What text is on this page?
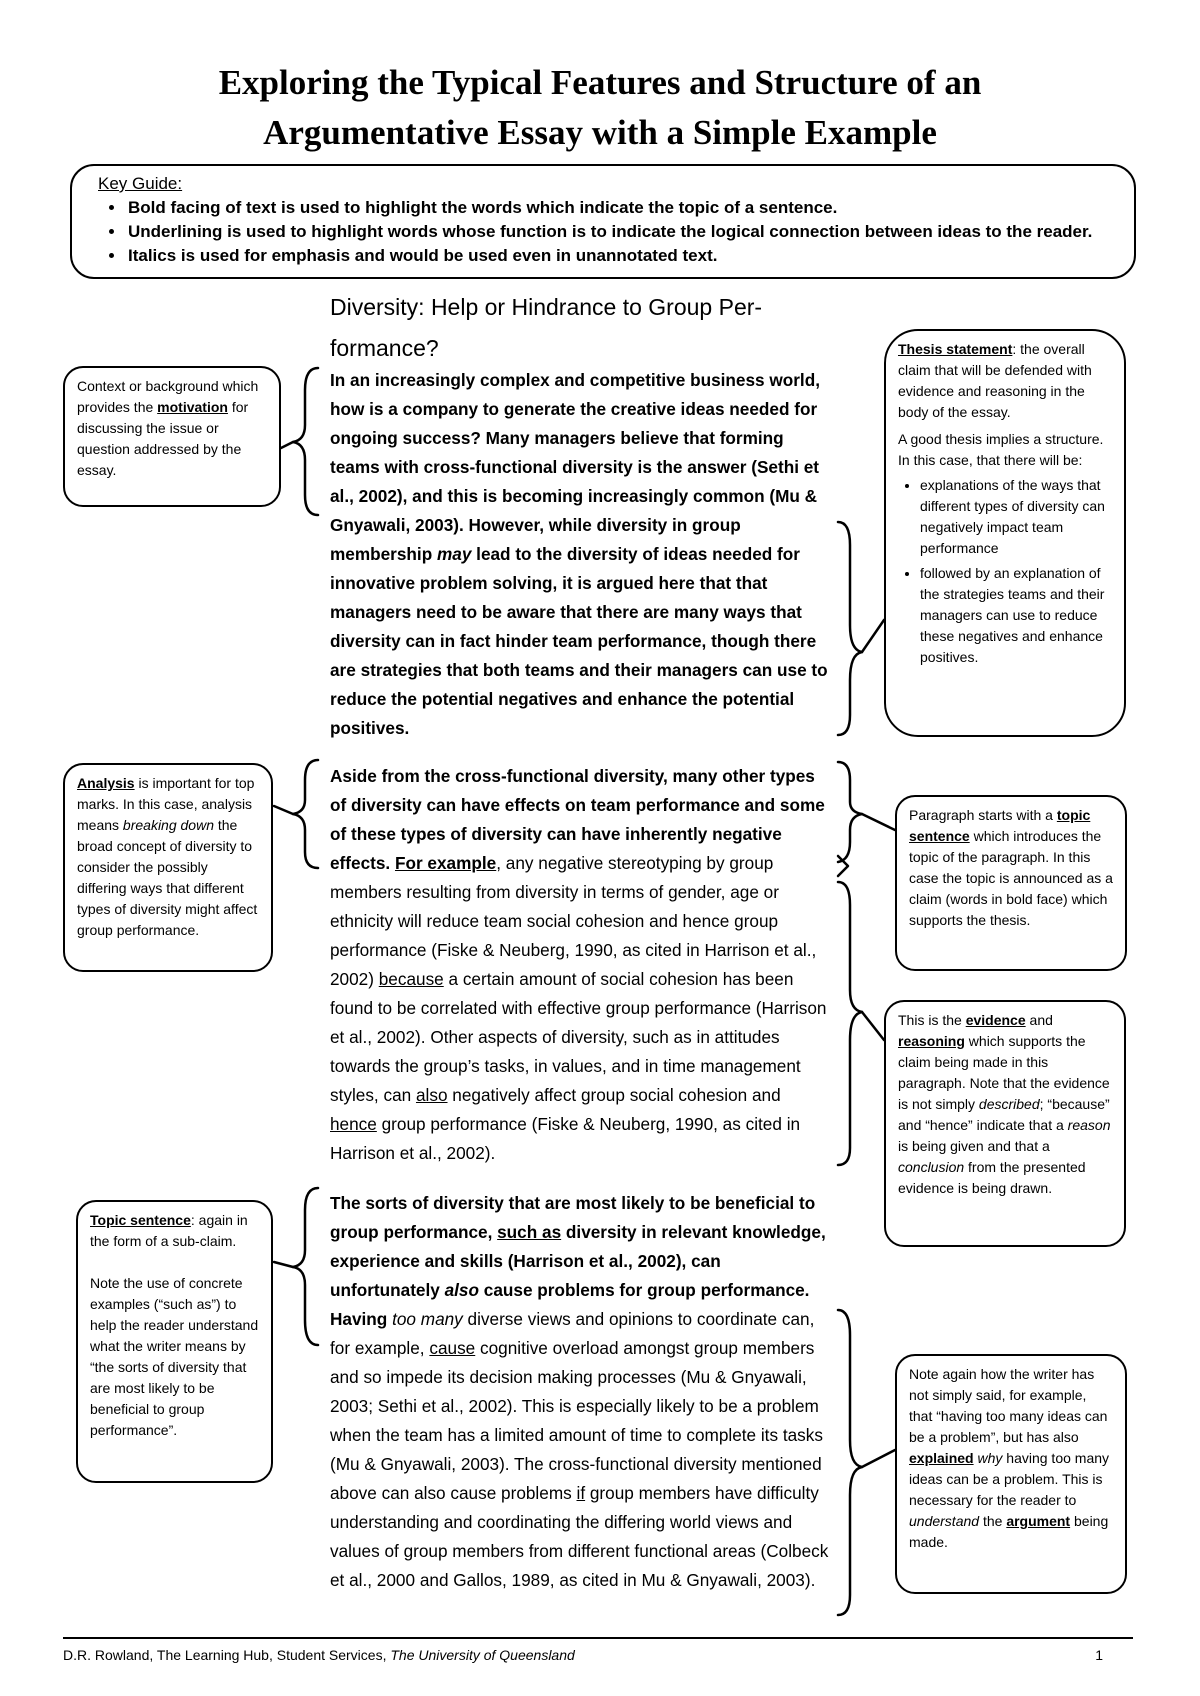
Exploring the Typical Features and Structure of an
Argumentative Essay with a Simple Example
Key Guide:
• Bold facing of text is used to highlight the words which indicate the topic of a sentence.
• Underlining is used to highlight words whose function is to indicate the logical connection between ideas to the reader.
• Italics is used for emphasis and would be used even in unannotated text.
Diversity: Help or Hindrance to Group Per-
formance?

In an increasingly complex and competitive business world, how is a company to generate the creative ideas needed for ongoing success? Many managers believe that forming teams with cross-functional diversity is the answer (Sethi et al., 2002), and this is becoming increasingly common (Mu & Gnyawali, 2003). However, while diversity in group membership may lead to the diversity of ideas needed for innovative problem solving, it is argued here that that managers need to be aware that there are many ways that diversity can in fact hinder team performance, though there are strategies that both teams and their managers can use to reduce the potential negatives and enhance the potential positives.

Aside from the cross-functional diversity, many other types of diversity can have effects on team performance and some of these types of diversity can have inherently negative effects. For example, any negative stereotyping by group members resulting from diversity in terms of gender, age or ethnicity will reduce team social cohesion and hence group performance (Fiske & Neuberg, 1990, as cited in Harrison et al., 2002) because a certain amount of social cohesion has been found to be correlated with effective group performance (Harrison et al., 2002). Other aspects of diversity, such as in attitudes towards the group’s tasks, in values, and in time management styles, can also negatively affect group social cohesion and hence group performance (Fiske & Neuberg, 1990, as cited in Harrison et al., 2002).

The sorts of diversity that are most likely to be beneficial to group performance, such as diversity in relevant knowledge, experience and skills (Harrison et al., 2002), can unfortunately also cause problems for group performance. Having too many diverse views and opinions to coordinate can, for example, cause cognitive overload amongst group members and so impede its decision making processes (Mu & Gnyawali, 2003; Sethi et al., 2002). This is especially likely to be a problem when the team has a limited amount of time to complete its tasks (Mu & Gnyawali, 2003). The cross-functional diversity mentioned above can also cause problems if group members have difficulty understanding and coordinating the differing world views and values of group members from different functional areas (Colbeck et al., 2000 and Gallos, 1989, as cited in Mu & Gnyawali, 2003).

Context or background which provides the motivation for discussing the issue or question addressed by the essay.

Analysis is important for top marks. In this case, analysis means breaking down the broad concept of diversity to consider the possibly differing ways that different types of diversity might affect group performance.

Topic sentence: again in the form of a sub-claim.

Note the use of concrete examples (“such as”) to help the reader understand what the writer means by “the sorts of diversity that are most likely to be beneficial to group performance”.

Thesis statement: the overall claim that will be defended with evidence and reasoning in the body of the essay.

A good thesis implies a structure. In this case, that there will be:

• explanations of the ways that different types of diversity can negatively impact team performance
• followed by an explanation of the strategies teams and their managers can use to reduce these negatives and enhance positives.

Paragraph starts with a topic sentence which introduces the topic of the paragraph. In this case the topic is announced as a claim (words in bold face) which supports the thesis.

This is the evidence and reasoning which supports the claim being made in this paragraph. Note that the evidence is not simply described; “because” and “hence” indicate that a reason is being given and that a conclusion from the presented evidence is being drawn.

Note again how the writer has not simply said, for example, that “having too many ideas can be a problem”, but has also explained why having too many ideas can be a problem. This is necessary for the reader to understand the argument being made.

D.R. Rowland, The Learning Hub, Student Services, The University of Queensland	1
